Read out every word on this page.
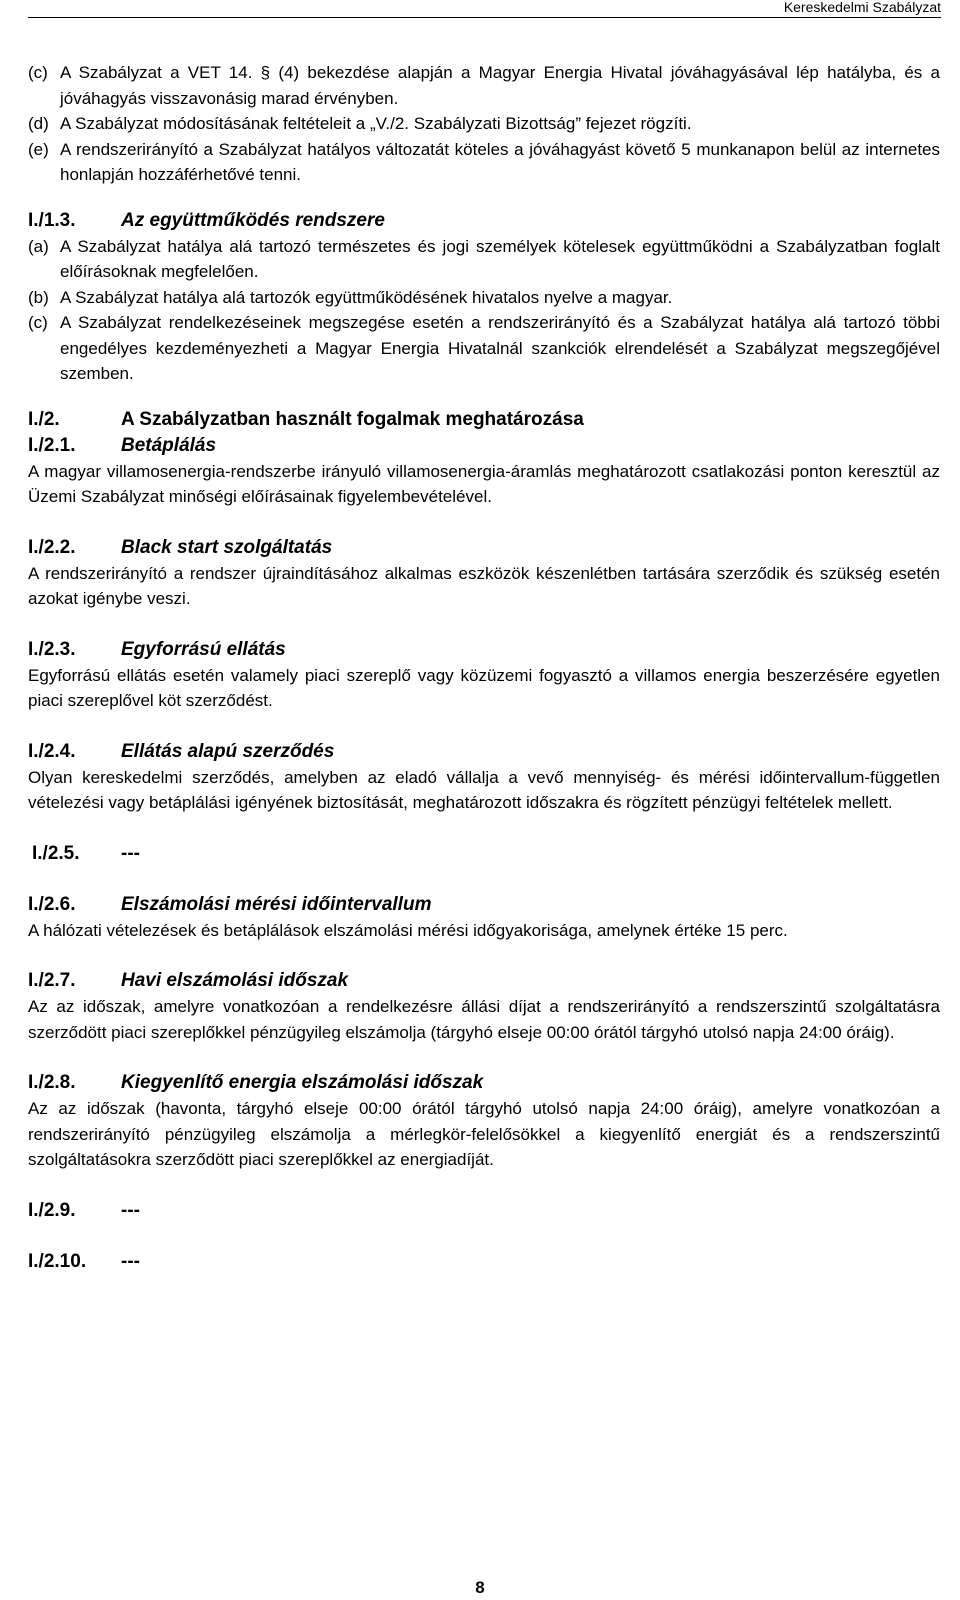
Kereskedelmi Szabályzat
(c) A Szabályzat a VET 14. § (4) bekezdése alapján a Magyar Energia Hivatal jóváhagyásával lép hatályba, és a jóváhagyás visszavonásig marad érvényben.
(d) A Szabályzat módosításának feltételeit a „V./2. Szabályzati Bizottság” fejezet rögzíti.
(e) A rendszerirányító a Szabályzat hatályos változatát köteles a jóváhagyást követő 5 munkanapon belül az internetes honlapján hozzáférhetővé tenni.
I./1.3.	Az együttműködés rendszere
(a) A Szabályzat hatálya alá tartozó természetes és jogi személyek kötelesek együttműködni a Szabályzatban foglalt előírásoknak megfelelően.
(b) A Szabályzat hatálya alá tartozók együttműködésének hivatalos nyelve a magyar.
(c) A Szabályzat rendelkezéseinek megszegése esetén a rendszerirányító és a Szabályzat hatálya alá tartozó többi engedélyes kezdeményezheti a Magyar Energia Hivatalnál szankciók elrendelését a Szabályzat megszegőjével szemben.
I./2.	A Szabályzatban használt fogalmak meghatározása
I./2.1.	Betáplálás

A magyar villamosenergia-rendszerbe irányuló villamosenergia-áramlás meghatározott csatlakozási ponton keresztül az Üzemi Szabályzat minőségi előírásainak figyelembevételével.

I./2.2.	Black start szolgáltatás

A rendszerirányító a rendszer újraindításához alkalmas eszközök készenlétben tartására szerződik és szükség esetén azokat igénybe veszi.

I./2.3.	Egyforrású ellátás

Egyforrású ellátás esetén valamely piaci szereplő vagy közüzemi fogyasztó a villamos energia beszerzésére egyetlen piaci szereplővel köt szerződést.

I./2.4.	Ellátás alapú szerződés

Olyan kereskedelmi szerződés, amelyben az eladó vállalja a vevő mennyiség- és mérési időintervallum-független vételezési vagy betáplálási igényének biztosítását, meghatározott időszakra és rögzített pénzügyi feltételek mellett.

I./2.5.	---
I./2.6.	Elszámolási mérési időintervallum

A hálózati vételezések és betáplálások elszámolási mérési időgyakorisága, amelynek értéke 15 perc.

I./2.7.	Havi elszámolási időszak

Az az időszak, amelyre vonatkozóan a rendelkezésre állási díjat a rendszerirányító a rendszerszintű szolgáltatásra szerződött piaci szereplőkkel pénzügyileg elszámolja (tárgyhó elseje 00:00 órától tárgyhó utolsó napja 24:00 óráig).

I./2.8.	Kiegyenlítő energia elszámolási időszak

Az az időszak (havonta, tárgyhó elseje 00:00 órától tárgyhó utolsó napja 24:00 óráig), amelyre vonatkozóan a rendszerirányító pénzügyileg elszámolja a mérlegkör-felelősökkel a kiegyenlítő energiát és a rendszerszintű szolgáltatásokra szerződött piaci szereplőkkel az energiadíját.

I./2.9.	---
I./2.10.	---
8
